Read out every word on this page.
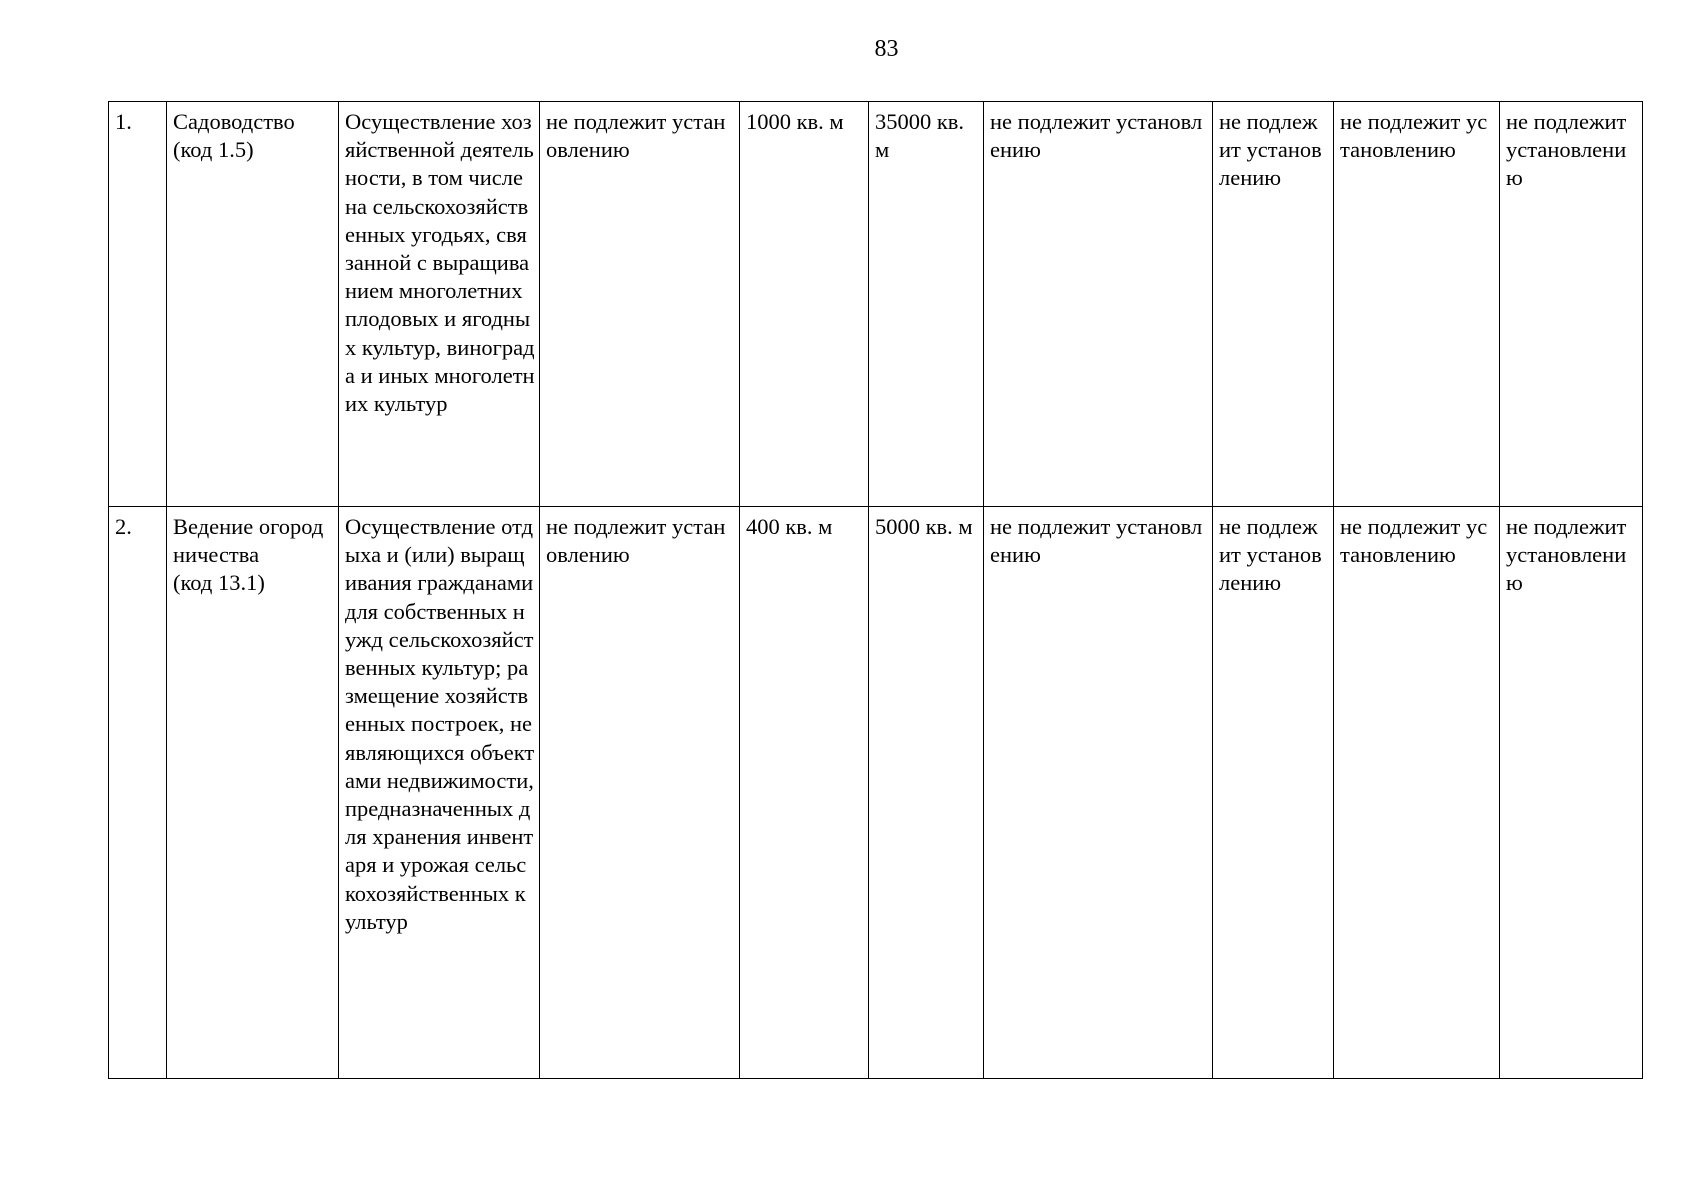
83
1.	Садоводство
(код 1.5)	Осуществление хозяйственной деятельности, в том числе на сельскохозяйственных угодьях, связанной с выращиванием многолетних плодовых и ягодных культур, винограда и иных многолетних культур	не подлежит установлению	1000 кв. м	35000 кв. м	не подлежит установлению	не подлежит установлению	не подлежит установлению	не подлежит установлению
2.	Ведение огородничества
(код 13.1)	Осуществление отдыха и (или) выращивания гражданами для собственных нужд сельскохозяйственных культур; размещение хозяйственных построек, не являющихся объектами недвижимости, предназначенных для хранения инвентаря и урожая сельскохозяйственных культур	не подлежит установлению	400 кв. м	5000 кв. м	не подлежит установлению	не подлежит установлению	не подлежит установлению	не подлежит установлению
